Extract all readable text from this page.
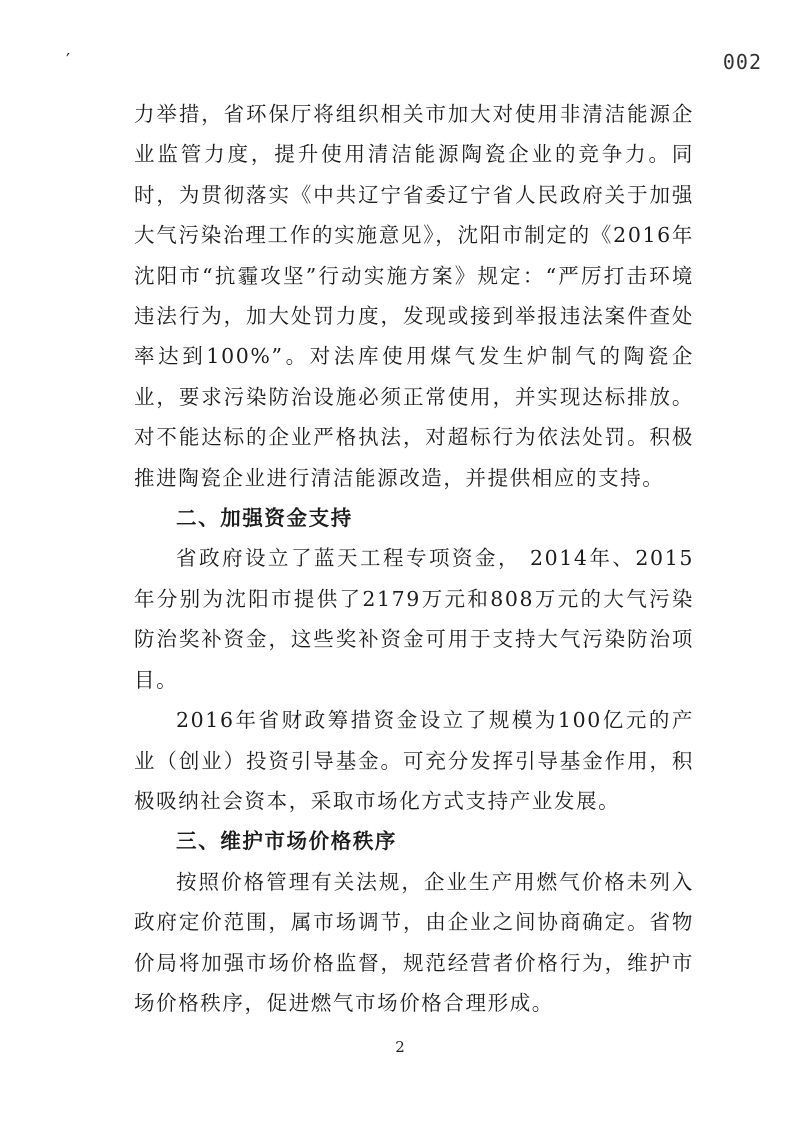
′	002

力举措，省环保厅将组织相关市加大对使用非清洁能源企业监管力度，提升使用清洁能源陶瓷企业的竞争力。同时，为贯彻落实《中共辽宁省委辽宁省人民政府关于加强大气污染治理工作的实施意见》，沈阳市制定的《2016年沈阳市“抗霾攻坚”行动实施方案》规定：“严厉打击环境违法行为，加大处罚力度，发现或接到举报违法案件查处率达到100%”。对法库使用煤气发生炉制气的陶瓷企业，要求污染防治设施必须正常使用，并实现达标排放。对不能达标的企业严格执法，对超标行为依法处罚。积极推进陶瓷企业进行清洁能源改造，并提供相应的支持。

二、加强资金支持

省政府设立了蓝天工程专项资金， 2014年、2015年分别为沈阳市提供了2179万元和808万元的大气污染防治奖补资金，这些奖补资金可用于支持大气污染防治项目。

2016年省财政筹措资金设立了规模为100亿元的产业（创业）投资引导基金。可充分发挥引导基金作用，积极吸纳社会资本，采取市场化方式支持产业发展。

三、维护市场价格秩序

按照价格管理有关法规，企业生产用燃气价格未列入政府定价范围，属市场调节，由企业之间协商确定。省物价局将加强市场价格监督，规范经营者价格行为，维护市场价格秩序，促进燃气市场价格合理形成。

2
